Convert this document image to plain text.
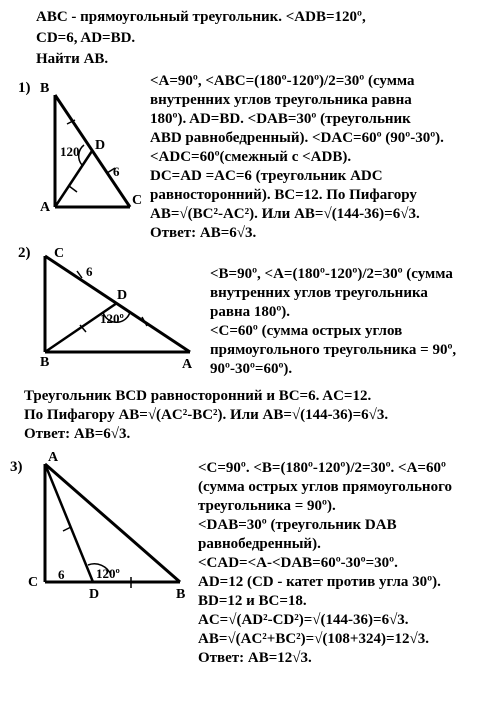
ABC - прямоугольный треугольник. <ADB=120º,
CD=6, AD=BD.
Найти AB.
1)	<A=90º, <ABC=(180º-120º)/2=30º (сумма
внутренних углов треугольника равна
180º). AD=BD. <DAB=30º (треугольник
ABD равнобедренный). <DAC=60º (90º-30º).
<ADC=60º(смежный с <ADB).
DC=AD =AC=6 (треугольник ADC
равносторонний). BC=12. По Пифагору
AB=√(BC²-AC²). Или AB=√(144-36)=6√3.
Ответ: AB=6√3.
2)
<B=90º, <A=(180º-120º)/2=30º (сумма
внутренних углов треугольника
равна 180º).
<C=60º (сумма острых углов
прямоугольного треугольника = 90º,
90º-30º=60º).
Треугольник BCD равносторонний и BC=6. AC=12.
По Пифагору AB=√(AC²-BC²). Или AB=√(144-36)=6√3.
Ответ: AB=6√3.
3)	<C=90º. <B=(180º-120º)/2=30º. <A=60º
(сумма острых углов прямоугольного
треугольника = 90º).
<DAB=30º (треугольник DAB
равнобедренный).
<CAD=<A-<DAB=60º-30º=30º.
AD=12 (CD - катет против угла 30º).
BD=12 и BC=18.
AC=√(AD²-CD²)=√(144-36)=6√3.
AB=√(AC²+BC²)=√(108+324)=12√3.
Ответ: AB=12√3.
B
A	C
D
120
6
C
B	A
D
120º
6
A
C
D	B
120º
6
